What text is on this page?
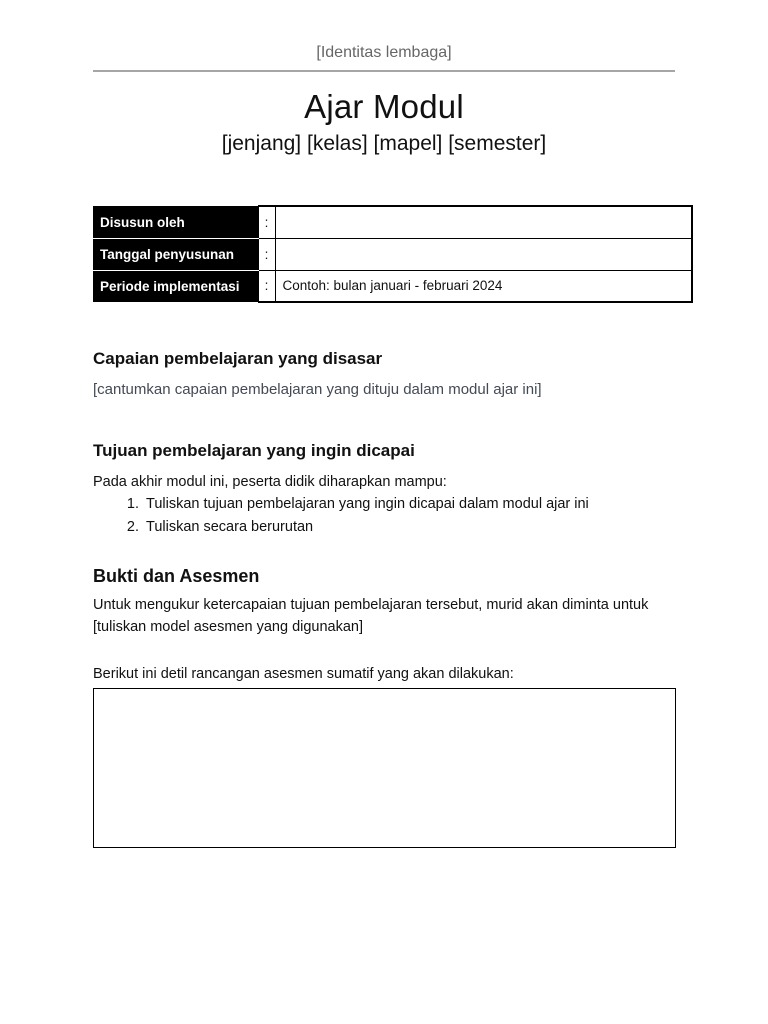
[Identitas lembaga]
Ajar Modul
[jenjang] [kelas] [mapel] [semester]
Disusun oleh	:	
Tanggal penyusunan	:	
Periode implementasi	:	Contoh: bulan januari - februari 2024
Capaian pembelajaran yang disasar
[cantumkan capaian pembelajaran yang dituju dalam modul ajar ini]
Tujuan pembelajaran yang ingin dicapai
Pada akhir modul ini, peserta didik diharapkan mampu:
1. Tuliskan tujuan pembelajaran yang ingin dicapai dalam modul ajar ini
2. Tuliskan secara berurutan
Bukti dan Asesmen
Untuk mengukur ketercapaian tujuan pembelajaran tersebut, murid akan diminta untuk [tuliskan model asesmen yang digunakan]
Berikut ini detil rancangan asesmen sumatif yang akan dilakukan:
